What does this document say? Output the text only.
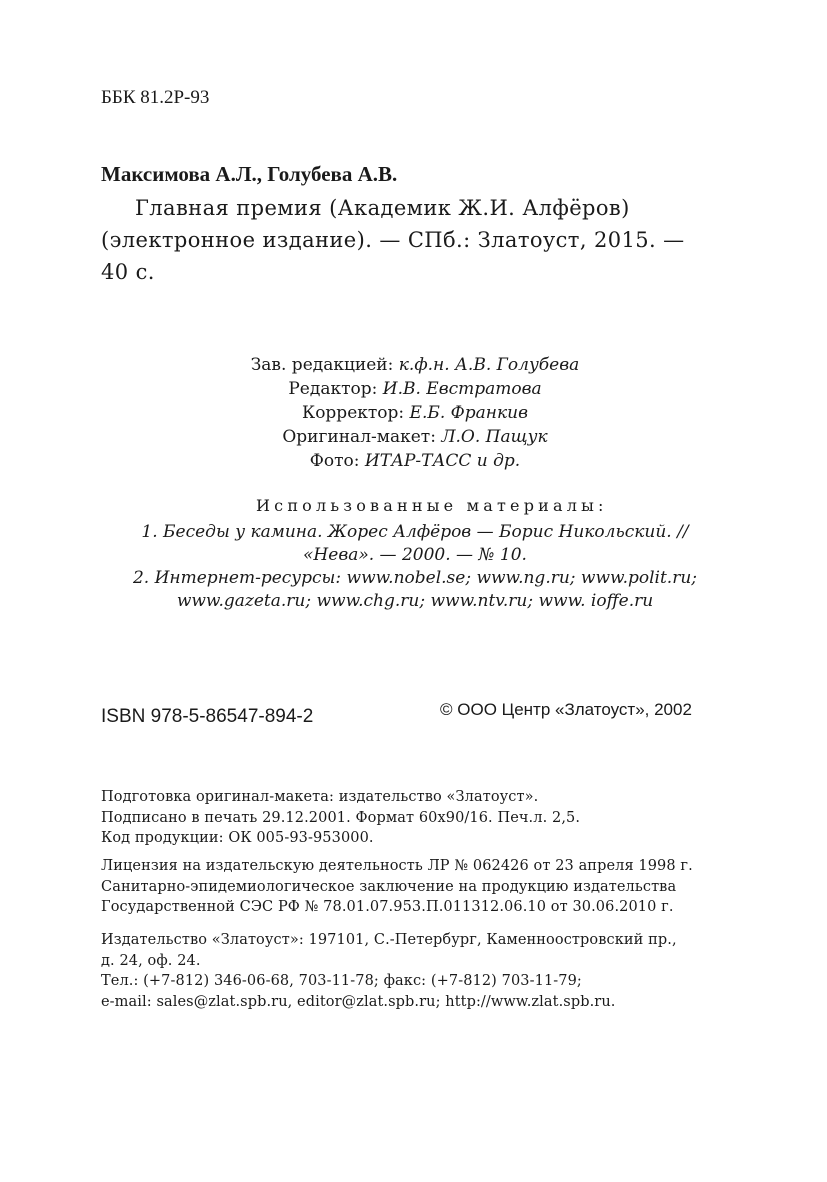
ББК 81.2Р-93
Максимова А.Л., Голубева А.В.
Главная премия (Академик Ж.И. Алфёров)
(электронное издание). — СПб.: Златоуст, 2015. —
40 с.
Зав. редакцией: к.ф.н. А.В. Голубева
Редактор: И.В. Евстратова
Корректор: Е.Б. Франкив
Оригинал-макет: Л.О. Пащук
Фото: ИТАР-ТАСС и др.
Использованные материалы:
1. Беседы у камина. Жорес Алфёров — Борис Никольский. //
«Нева». — 2000. — № 10.
2. Интернет-ресурсы: www.nobel.se; www.ng.ru; www.polit.ru;
www.gazeta.ru; www.chg.ru; www.ntv.ru; www. ioffe.ru
ISBN 978-5-86547-894-2	© ООО Центр «Златоуст», 2002
Подготовка оригинал-макета: издательство «Златоуст».
Подписано в печать 29.12.2001. Формат 60х90/16. Печ.л. 2,5.
Код продукции: ОК 005-93-953000.
Лицензия на издательскую деятельность ЛР № 062426 от 23 апреля 1998 г.
Санитарно-эпидемиологическое заключение на продукцию издательства
Государственной СЭС РФ № 78.01.07.953.П.011312.06.10 от 30.06.2010 г.
Издательство «Златоуст»: 197101, С.-Петербург, Каменноостровский пр.,
д. 24, оф. 24.
Тел.: (+7-812) 346-06-68, 703-11-78; факс: (+7-812) 703-11-79;
e-mail: sales@zlat.spb.ru, editor@zlat.spb.ru; http://www.zlat.spb.ru.
